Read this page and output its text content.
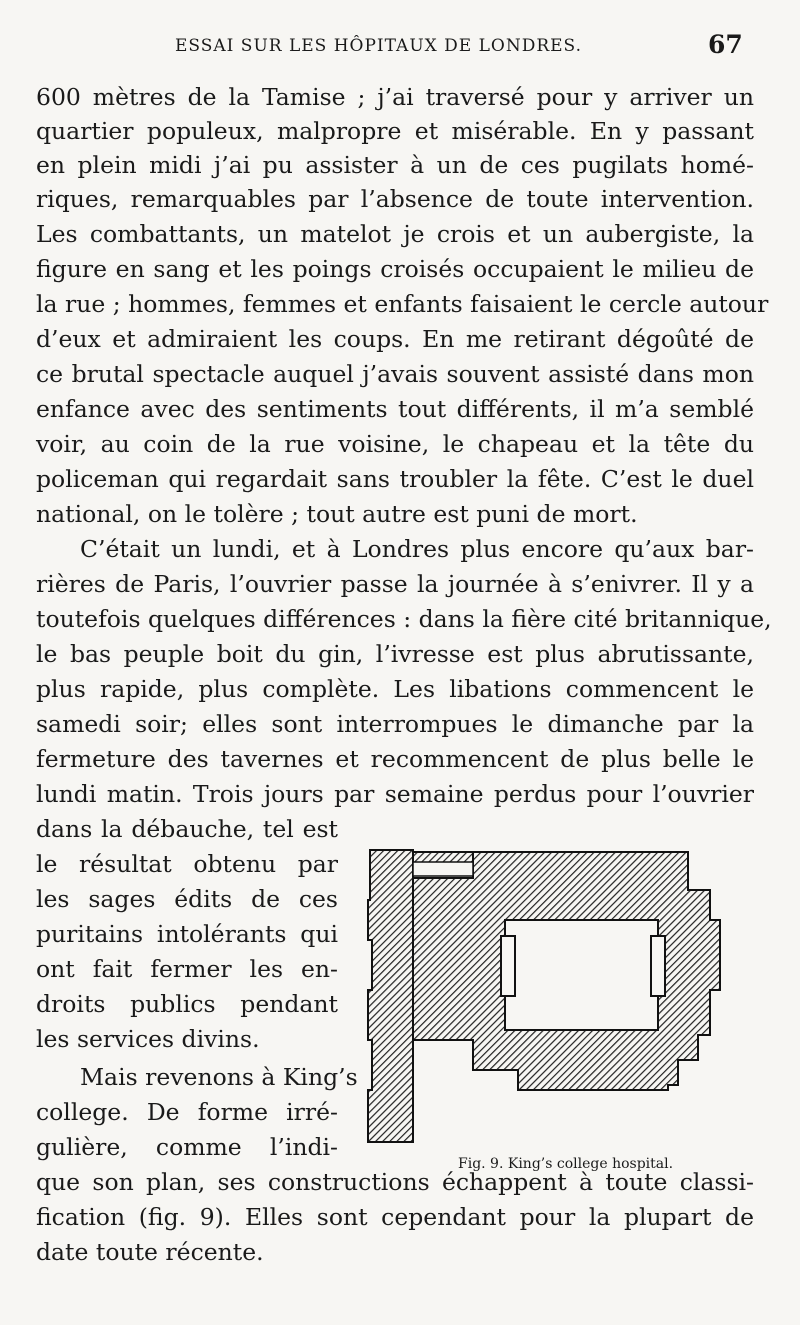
ESSAI SUR LES HÔPITAUX DE LONDRES.	67
600 mètres de la Tamise ; j’ai traversé pour y arriver un
quartier populeux, malpropre et misérable. En y passant
en plein midi j’ai pu assister à un de ces pugilats homé-
riques, remarquables par l’absence de toute intervention.
Les combattants, un matelot je crois et un aubergiste, la
figure en sang et les poings croisés occupaient le milieu de
la rue ; hommes, femmes et enfants faisaient le cercle autour
d’eux et admiraient les coups. En me retirant dégoûté de
ce brutal spectacle auquel j’avais souvent assisté dans mon
enfance avec des sentiments tout différents, il m’a semblé
voir, au coin de la rue voisine, le chapeau et la tête du
policeman qui regardait sans troubler la fête. C’est le duel
national, on le tolère ; tout autre est puni de mort.
C’était un lundi, et à Londres plus encore qu’aux bar-
rières de Paris, l’ouvrier passe la journée à s’enivrer. Il y a
toutefois quelques différences : dans la fière cité britannique,
le bas peuple boit du gin, l’ivresse est plus abrutissante,
plus rapide, plus complète. Les libations commencent le
samedi soir; elles sont interrompues le dimanche par la
fermeture des tavernes et recommencent de plus belle le
lundi matin. Trois jours par semaine perdus pour l’ouvrier
dans la débauche, tel est
le résultat obtenu par
les sages édits de ces
puritains intolérants qui
ont fait fermer les en-
droits publics pendant
les services divins.
Mais revenons à King’s
college. De forme irré-
gulière, comme l’indi-
que son plan, ses constructions échappent à toute classi-
fication (fig. 9). Elles sont cependant pour la plupart de
date toute récente.
Fig. 9. King’s college hospital.
